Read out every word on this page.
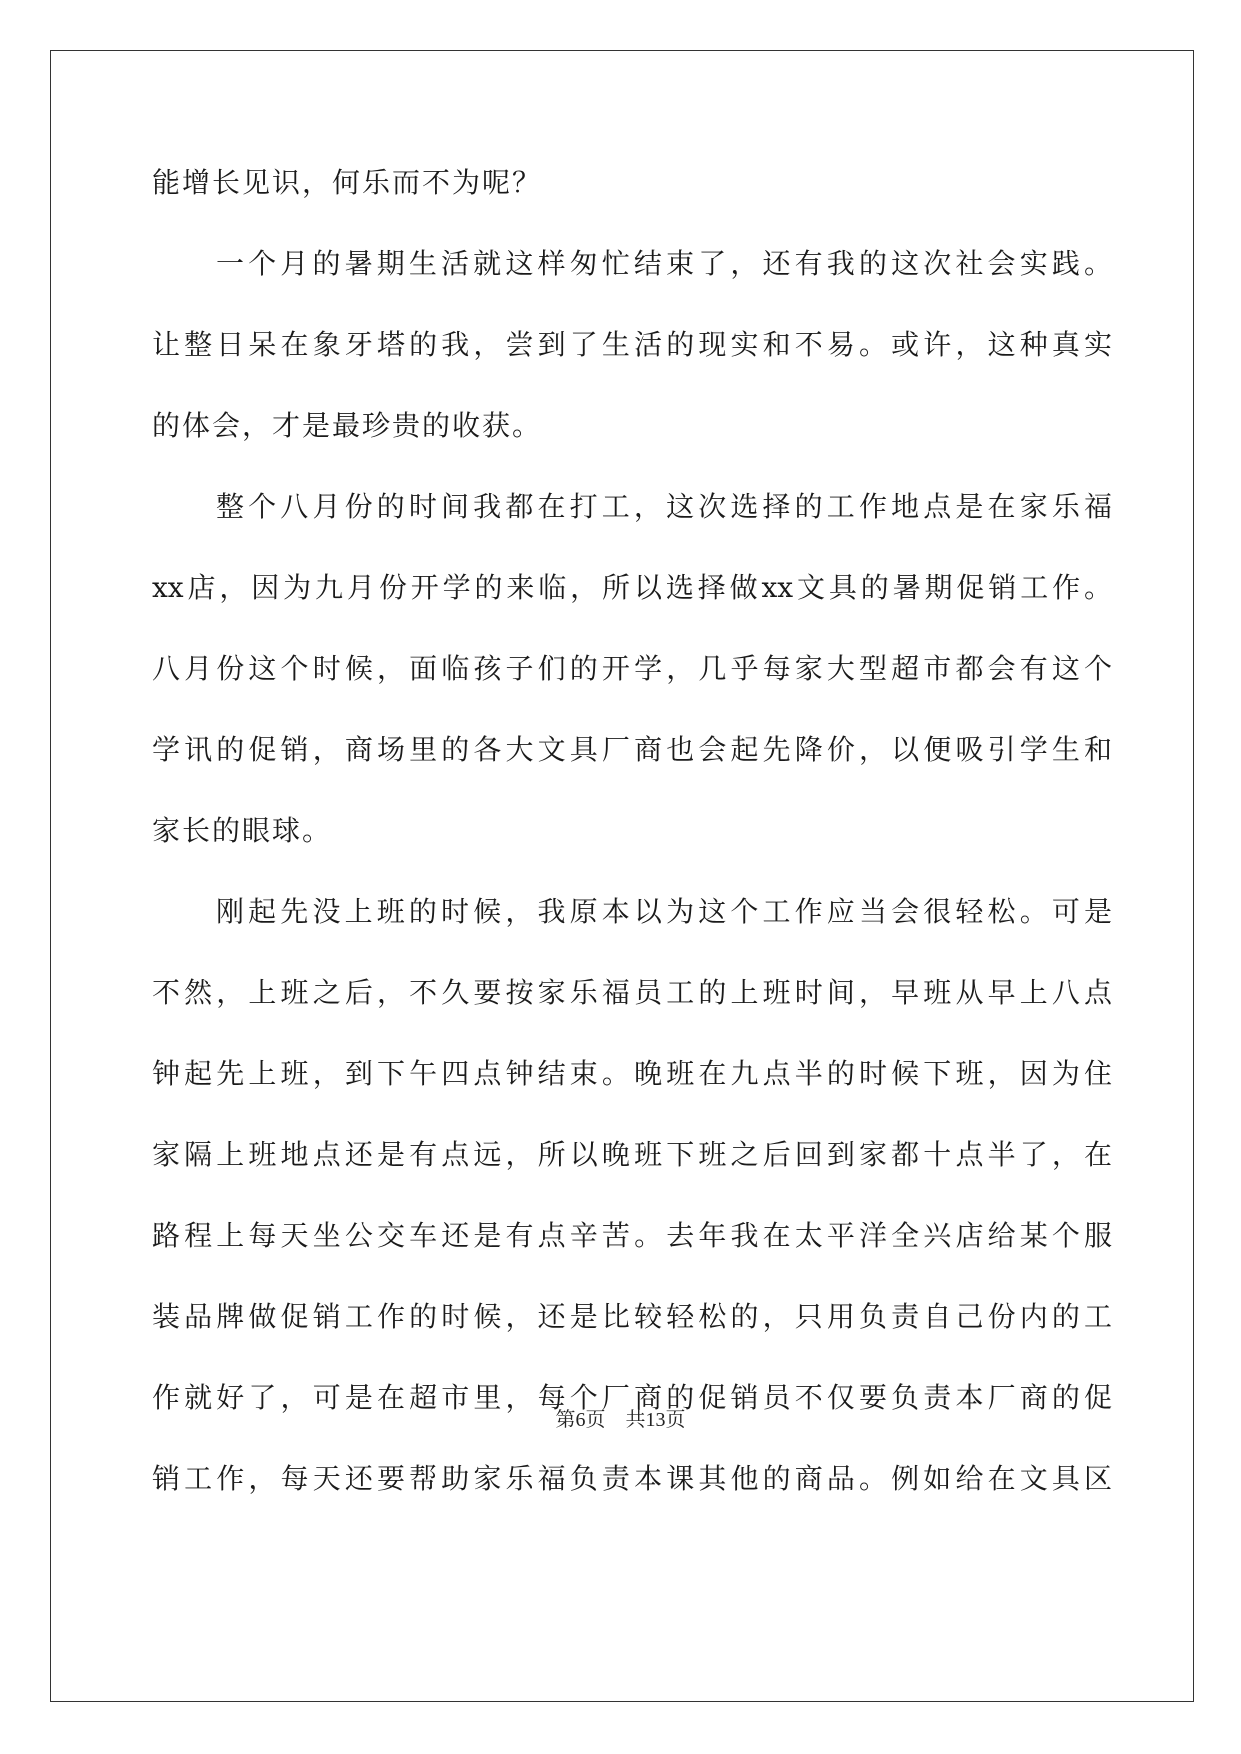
能增长见识，何乐而不为呢？
一个月的暑期生活就这样匆忙结束了，还有我的这次社会实践。
让整日呆在象牙塔的我，尝到了生活的现实和不易。或许，这种真实
的体会，才是最珍贵的收获。
整个八月份的时间我都在打工，这次选择的工作地点是在家乐福
xx店，因为九月份开学的来临，所以选择做xx文具的暑期促销工作。
八月份这个时候，面临孩子们的开学，几乎每家大型超市都会有这个
学讯的促销，商场里的各大文具厂商也会起先降价，以便吸引学生和
家长的眼球。
刚起先没上班的时候，我原本以为这个工作应当会很轻松。可是
不然，上班之后，不久要按家乐福员工的上班时间，早班从早上八点
钟起先上班，到下午四点钟结束。晚班在九点半的时候下班，因为住
家隔上班地点还是有点远，所以晚班下班之后回到家都十点半了，在
路程上每天坐公交车还是有点辛苦。去年我在太平洋全兴店给某个服
装品牌做促销工作的时候，还是比较轻松的，只用负责自己份内的工
作就好了，可是在超市里，每个厂商的促销员不仅要负责本厂商的促
销工作，每天还要帮助家乐福负责本课其他的商品。例如给在文具区
第6页 共13页
